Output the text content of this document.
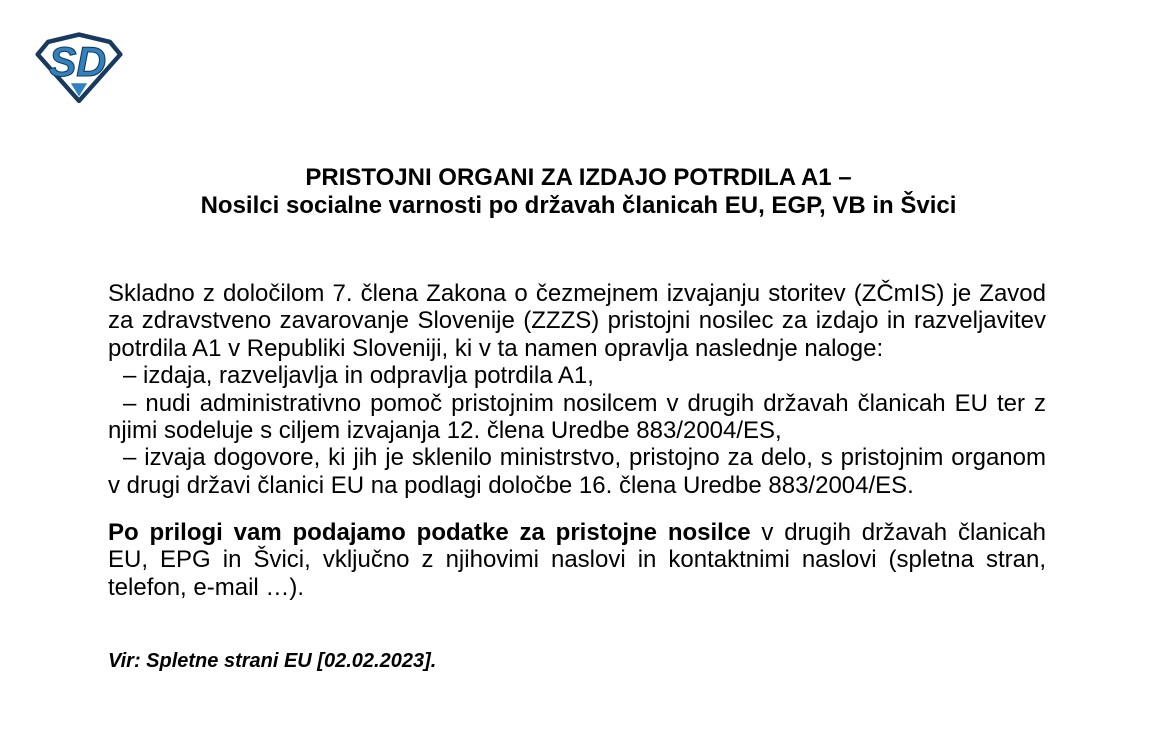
SD
PRISTOJNI ORGANI ZA IZDAJO POTRDILA A1 –
Nosilci socialne varnosti po državah članicah EU, EGP, VB in Švici

Skladno z določilom 7. člena Zakona o čezmejnem izvajanju storitev (ZČmIS) je Zavod za zdravstveno zavarovanje Slovenije (ZZZS) pristojni nosilec za izdajo in razveljavitev potrdila A1 v Republiki Sloveniji, ki v ta namen opravlja naslednje naloge:

– izdaja, razveljavlja in odpravlja potrdila A1,

– nudi administrativno pomoč pristojnim nosilcem v drugih državah članicah EU ter z njimi sodeluje s ciljem izvajanja 12. člena Uredbe 883/2004/ES,

– izvaja dogovore, ki jih je sklenilo ministrstvo, pristojno za delo, s pristojnim organom v drugi državi članici EU na podlagi določbe 16. člena Uredbe 883/2004/ES.

Po prilogi vam podajamo podatke za pristojne nosilce v drugih državah članicah EU, EPG in Švici, vključno z njihovimi naslovi in kontaktnimi naslovi (spletna stran, telefon, e-mail …).

Vir: Spletne strani EU [02.02.2023].
